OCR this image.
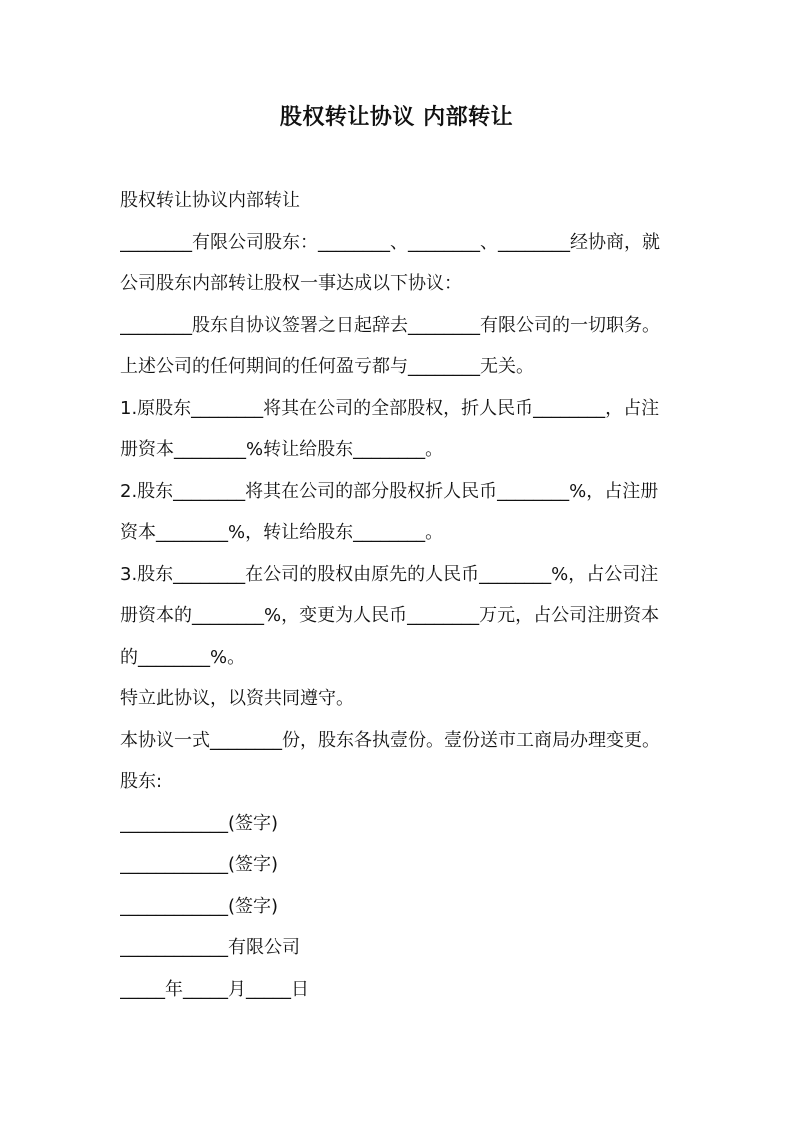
股权转让协议 内部转让
股权转让协议内部转让
________有限公司股东：________、________、________经协商，就
公司股东内部转让股权一事达成以下协议：
________股东自协议签署之日起辞去________有限公司的一切职务。
上述公司的任何期间的任何盈亏都与________无关。
1.原股东________将其在公司的全部股权，折人民币________，占注
册资本________%转让给股东________。
2.股东________将其在公司的部分股权折人民币________%，占注册
资本________%，转让给股东________。
3.股东________在公司的股权由原先的人民币________%，占公司注
册资本的________%，变更为人民币________万元，占公司注册资本
的________%。
特立此协议，以资共同遵守。
本协议一式________份，股东各执壹份。壹份送市工商局办理变更。
股东:
____________(签字)
____________(签字)
____________(签字)
____________有限公司
_____年_____月_____日
